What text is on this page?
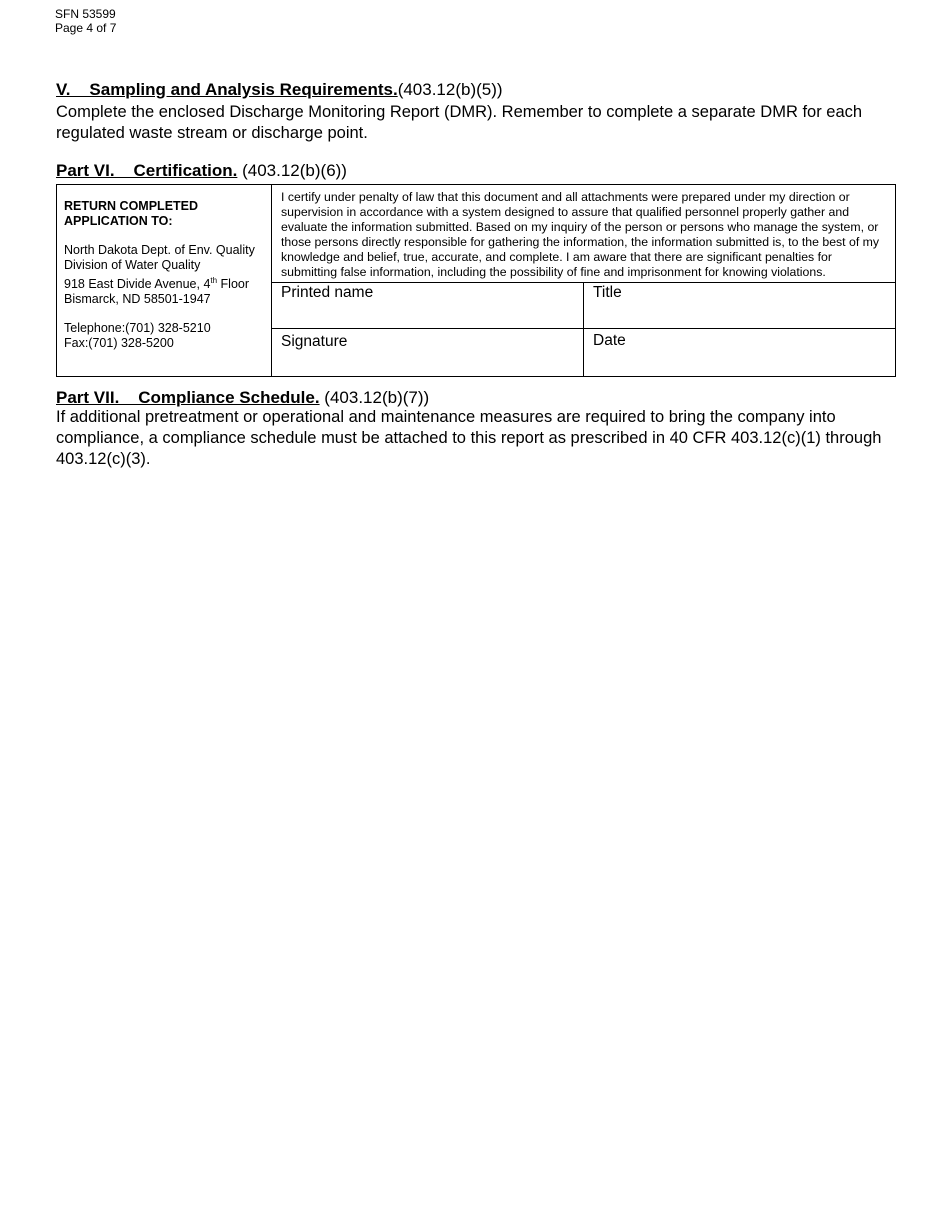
SFN 53599
Page 4 of 7
V.    Sampling and Analysis Requirements.(403.12(b)(5))
Complete the enclosed Discharge Monitoring Report (DMR). Remember to complete a separate DMR for each regulated waste stream or discharge point.
Part VI.    Certification. (403.12(b)(6))
RETURN COMPLETED
APPLICATION TO:
North Dakota Dept. of Env. Quality
Division of Water Quality
918 East Divide Avenue, 4th Floor
Bismarck, ND 58501-1947
Telephone:(701) 328-5210
Fax:(701) 328-5200
I certify under penalty of law that this document and all attachments were prepared under my direction or supervision in accordance with a system designed to assure that qualified personnel properly gather and evaluate the information submitted. Based on my inquiry of the person or persons who manage the system, or those persons directly responsible for gathering the information, the information submitted is, to the best of my knowledge and belief, true, accurate, and complete. I am aware that there are significant penalties for submitting false information, including the possibility of fine and imprisonment for knowing violations.
Printed name	Title
Signature	Date
Part VII.    Compliance Schedule. (403.12(b)(7))
If additional pretreatment or operational and maintenance measures are required to bring the company into compliance, a compliance schedule must be attached to this report as prescribed in 40 CFR 403.12(c)(1) through 403.12(c)(3).
